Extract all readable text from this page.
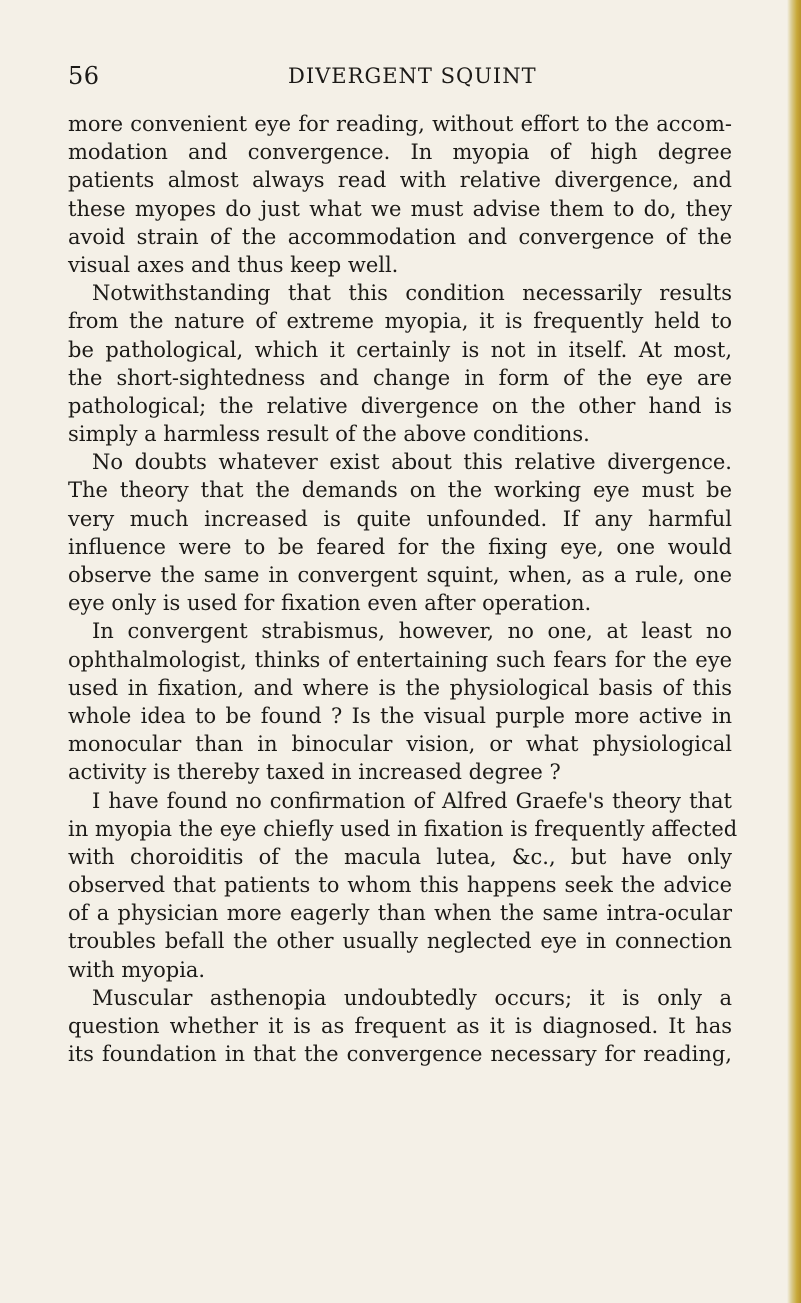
56	DIVERGENT SQUINT
more convenient eye for reading, without effort to the accom-
modation and convergence. In myopia of high degree
patients almost always read with relative divergence, and
these myopes do just what we must advise them to do, they
avoid strain of the accommodation and convergence of the
visual axes and thus keep well.
Notwithstanding that this condition necessarily results
from the nature of extreme myopia, it is frequently held to
be pathological, which it certainly is not in itself. At most,
the short-sightedness and change in form of the eye are
pathological; the relative divergence on the other hand is
simply a harmless result of the above conditions.
No doubts whatever exist about this relative divergence.
The theory that the demands on the working eye must be
very much increased is quite unfounded. If any harmful
influence were to be feared for the fixing eye, one would
observe the same in convergent squint, when, as a rule, one
eye only is used for fixation even after operation.
In convergent strabismus, however, no one, at least no
ophthalmologist, thinks of entertaining such fears for the eye
used in fixation, and where is the physiological basis of this
whole idea to be found ? Is the visual purple more active in
monocular than in binocular vision, or what physiological
activity is thereby taxed in increased degree ?
I have found no confirmation of Alfred Graefe's theory that
in myopia the eye chiefly used in fixation is frequently affected
with choroiditis of the macula lutea, &c., but have only
observed that patients to whom this happens seek the advice
of a physician more eagerly than when the same intra-ocular
troubles befall the other usually neglected eye in connection
with myopia.
Muscular asthenopia undoubtedly occurs; it is only a
question whether it is as frequent as it is diagnosed. It has
its foundation in that the convergence necessary for reading,
